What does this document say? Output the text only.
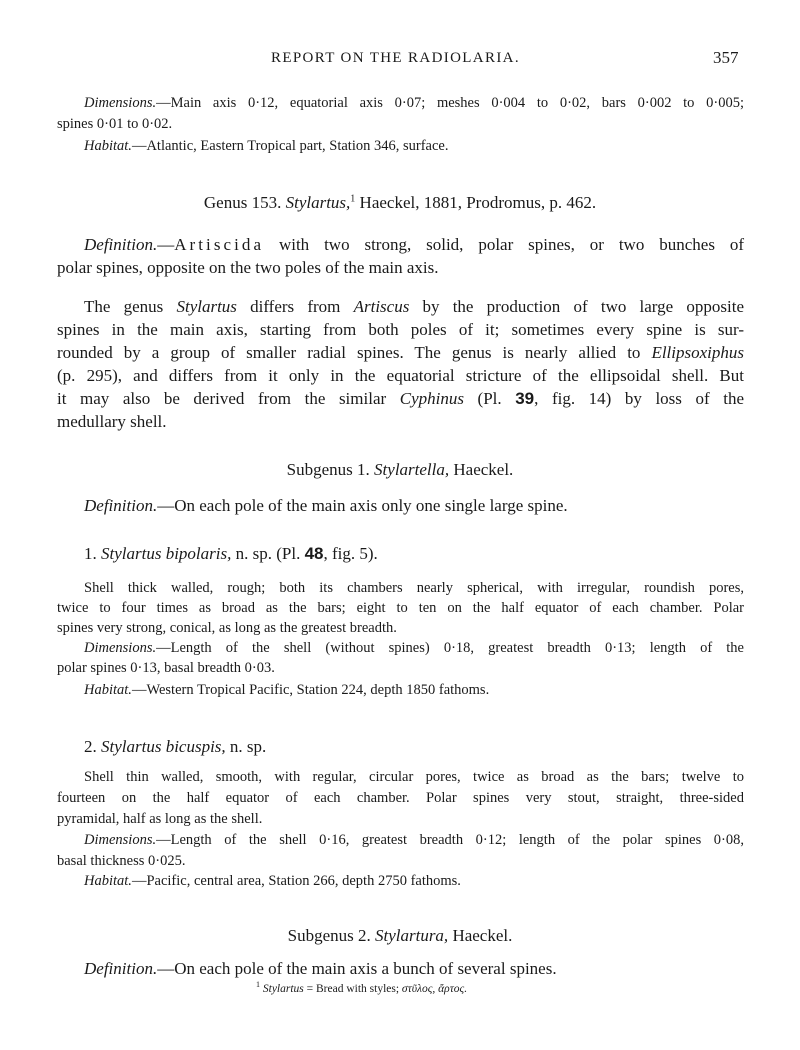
REPORT ON THE RADIOLARIA.	357
Dimensions.—Main axis 0·12, equatorial axis 0·07; meshes 0·004 to 0·02, bars 0·002 to 0·005;
spines 0·01 to 0·02.
Habitat.—Atlantic, Eastern Tropical part, Station 346, surface.
Genus 153. Stylartus,$^1$ Haeckel, 1881, Prodromus, p. 462.
Definition.—Artiscida with two strong, solid, polar spines, or two bunches of
polar spines, opposite on the two poles of the main axis.
The genus Stylartus differs from Artiscus by the production of two large opposite
spines in the main axis, starting from both poles of it; sometimes every spine is sur-
rounded by a group of smaller radial spines. The genus is nearly allied to Ellipsoxiphus
(p. 295), and differs from it only in the equatorial stricture of the ellipsoidal shell. But
it may also be derived from the similar Cyphinus (Pl. 39, fig. 14) by loss of the
medullary shell.
Subgenus 1. Stylartella, Haeckel.
Definition.—On each pole of the main axis only one single large spine.
1. Stylartus bipolaris, n. sp. (Pl. 48, fig. 5).
Shell thick walled, rough; both its chambers nearly spherical, with irregular, roundish pores,
twice to four times as broad as the bars; eight to ten on the half equator of each chamber. Polar
spines very strong, conical, as long as the greatest breadth.
Dimensions.—Length of the shell (without spines) 0·18, greatest breadth 0·13; length of the
polar spines 0·13, basal breadth 0·03.
Habitat.—Western Tropical Pacific, Station 224, depth 1850 fathoms.
2. Stylartus bicuspis, n. sp.
Shell thin walled, smooth, with regular, circular pores, twice as broad as the bars; twelve to
fourteen on the half equator of each chamber. Polar spines very stout, straight, three-sided
pyramidal, half as long as the shell.
Dimensions.—Length of the shell 0·16, greatest breadth 0·12; length of the polar spines 0·08,
basal thickness 0·025.
Habitat.—Pacific, central area, Station 266, depth 2750 fathoms.
Subgenus 2. Stylartura, Haeckel.
Definition.—On each pole of the main axis a bunch of several spines.
$^1$ Stylartus = Bread with styles; στῦλος, ἄρτος.
